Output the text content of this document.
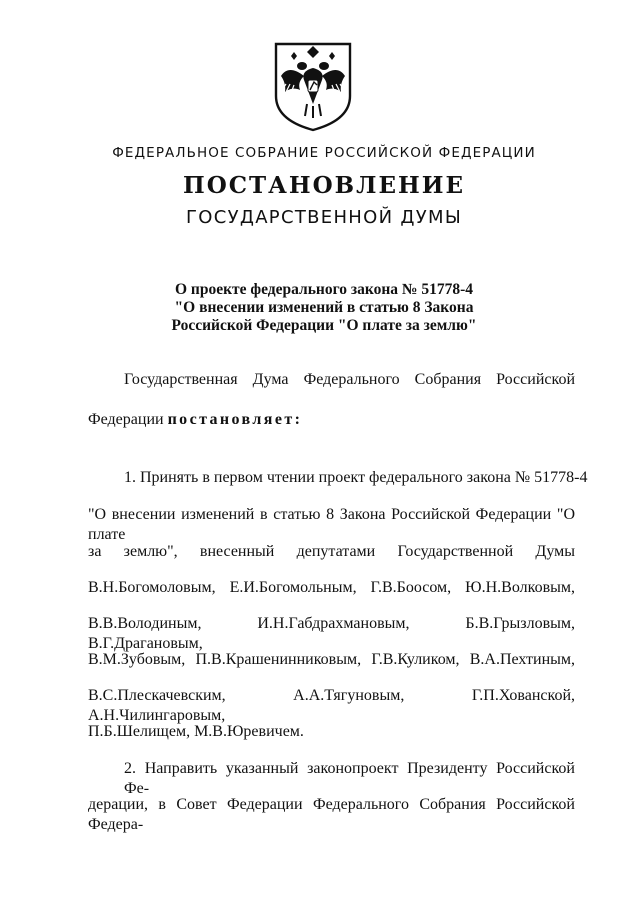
ФЕДЕРАЛЬНОЕ СОБРАНИЕ РОССИЙСКОЙ ФЕДЕРАЦИИ
ПОСТАНОВЛЕНИЕ
ГОСУДАРСТВЕННОЙ ДУМЫ
О проекте федерального закона № 51778-4
"О внесении изменений в статью 8 Закона
Российской Федерации "О плате за землю"
Государственная Дума Федерального Собрания Российской
Федерации постановляет:
1. Принять в первом чтении проект федерального закона № 51778-4
"О внесении изменений в статью 8 Закона Российской Федерации "О плате
за землю", внесенный депутатами Государственной Думы
В.Н.Богомоловым, Е.И.Богомольным, Г.В.Боосом, Ю.Н.Волковым,
В.В.Володиным, И.Н.Габдрахмановым, Б.В.Грызловым, В.Г.Драгановым,
В.М.Зубовым, П.В.Крашенинниковым, Г.В.Куликом, В.А.Пехтиным,
В.С.Плескачевским, А.А.Тягуновым, Г.П.Хованской, А.Н.Чилингаровым,
П.Б.Шелищем, М.В.Юревичем.
2. Направить указанный законопроект Президенту Российской Фе-
дерации, в Совет Федерации Федерального Собрания Российской Федера-
